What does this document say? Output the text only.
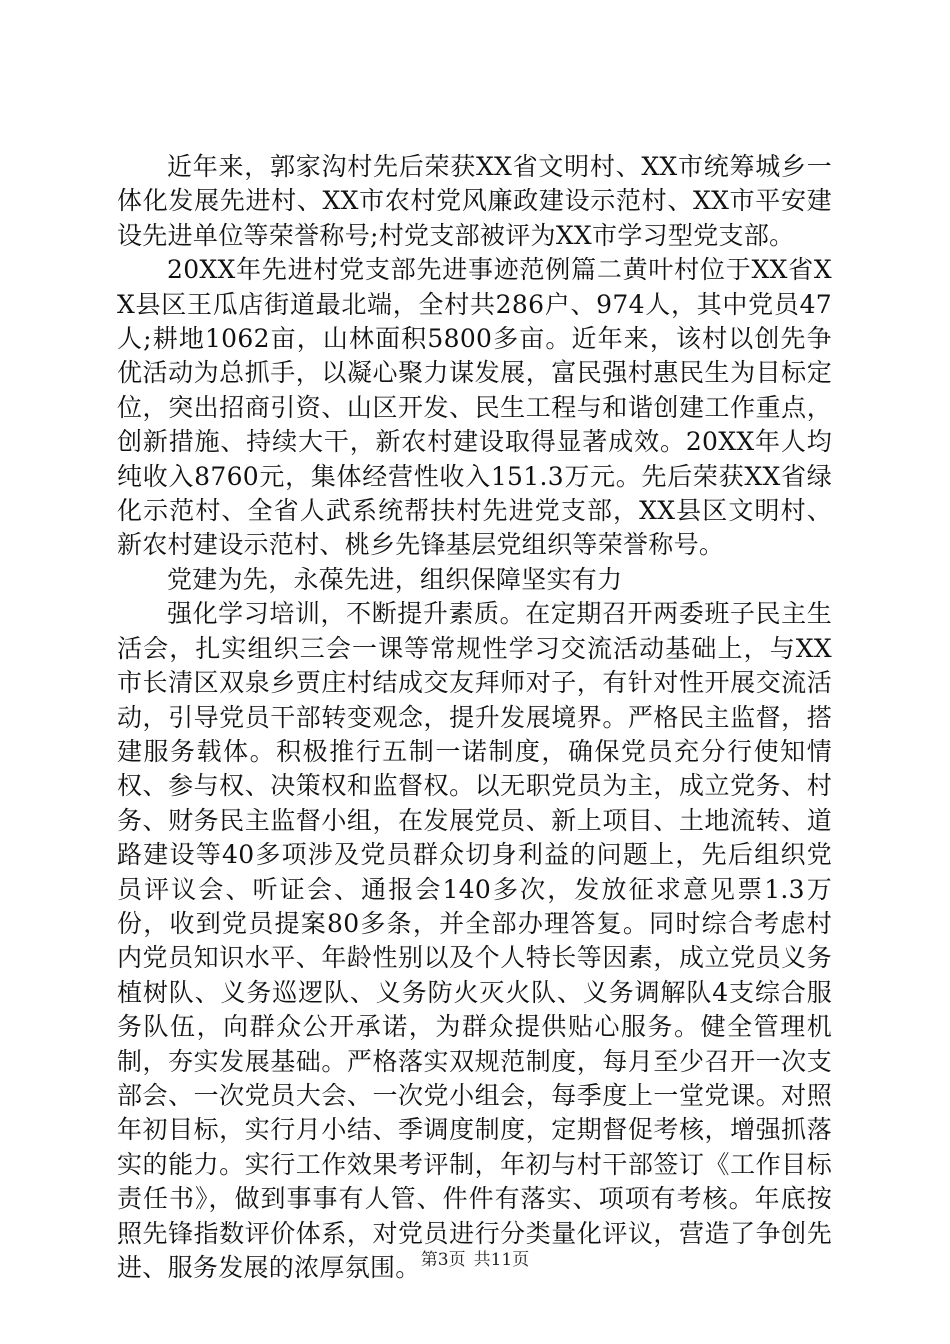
近年来，郭家沟村先后荣获XX省文明村、XX市统筹城乡一体化发展先进村、XX市农村党风廉政建设示范村、XX市平安建设先进单位等荣誉称号;村党支部被评为XX市学习型党支部。

20XX年先进村党支部先进事迹范例篇二黄叶村位于XX省XX县区王瓜店街道最北端，全村共286户、974人，其中党员47人;耕地1062亩，山林面积5800多亩。近年来，该村以创先争优活动为总抓手，以凝心聚力谋发展，富民强村惠民生为目标定位，突出招商引资、山区开发、民生工程与和谐创建工作重点，创新措施、持续大干，新农村建设取得显著成效。20XX年人均纯收入8760元，集体经营性收入151.3万元。先后荣获XX省绿化示范村、全省人武系统帮扶村先进党支部，XX县区文明村、新农村建设示范村、桃乡先锋基层党组织等荣誉称号。

党建为先，永葆先进，组织保障坚实有力

强化学习培训，不断提升素质。在定期召开两委班子民主生活会，扎实组织三会一课等常规性学习交流活动基础上，与XX市长清区双泉乡贾庄村结成交友拜师对子，有针对性开展交流活动，引导党员干部转变观念，提升发展境界。严格民主监督，搭建服务载体。积极推行五制一诺制度，确保党员充分行使知情权、参与权、决策权和监督权。以无职党员为主，成立党务、村务、财务民主监督小组，在发展党员、新上项目、土地流转、道路建设等40多项涉及党员群众切身利益的问题上，先后组织党员评议会、听证会、通报会140多次，发放征求意见票1.3万份，收到党员提案80多条，并全部办理答复。同时综合考虑村内党员知识水平、年龄性别以及个人特长等因素，成立党员义务植树队、义务巡逻队、义务防火灭火队、义务调解队4支综合服务队伍，向群众公开承诺，为群众提供贴心服务。健全管理机制，夯实发展基础。严格落实双规范制度，每月至少召开一次支部会、一次党员大会、一次党小组会，每季度上一堂党课。对照年初目标，实行月小结、季调度制度，定期督促考核，增强抓落实的能力。实行工作效果考评制，年初与村干部签订《工作目标责任书》，做到事事有人管、件件有落实、项项有考核。年底按照先锋指数评价体系，对党员进行分类量化评议，营造了争创先进、服务发展的浓厚氛围。 第3页 共11页
